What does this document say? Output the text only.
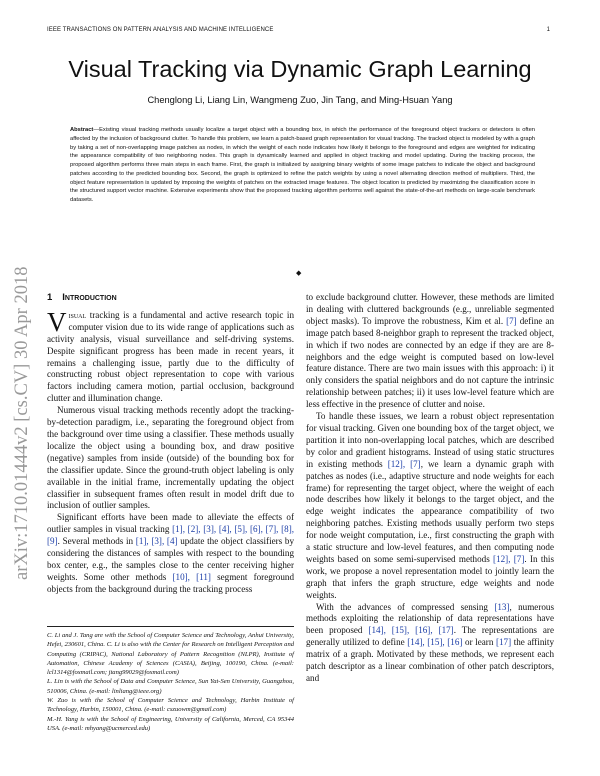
IEEE TRANSACTIONS ON PATTERN ANALYSIS AND MACHINE INTELLIGENCE	1
Visual Tracking via Dynamic Graph Learning
Chenglong Li, Liang Lin, Wangmeng Zuo, Jin Tang, and Ming-Hsuan Yang
Abstract—Existing visual tracking methods usually localize a target object with a bounding box, in which the performance of the foreground object trackers or detectors is often affected by the inclusion of background clutter. To handle this problem, we learn a patch-based graph representation for visual tracking. The tracked object is modeled by with a graph by taking a set of non-overlapping image patches as nodes, in which the weight of each node indicates how likely it belongs to the foreground and edges are weighted for indicating the appearance compatibility of two neighboring nodes. This graph is dynamically learned and applied in object tracking and model updating. During the tracking process, the proposed algorithm performs three main steps in each frame. First, the graph is initialized by assigning binary weights of some image patches to indicate the object and background patches according to the predicted bounding box. Second, the graph is optimized to refine the patch weights by using a novel alternating direction method of multipliers. Third, the object feature representation is updated by imposing the weights of patches on the extracted image features. The object location is predicted by maximizing the classification score in the structured support vector machine. Extensive experiments show that the proposed tracking algorithm performs well against the state-of-the-art methods on large-scale benchmark datasets.
◆
arXiv:1710.01444v2 [cs.CV] 30 Apr 2018 1 Introduction

Visual tracking is a fundamental and active research topic in computer vision due to its wide range of applications such as activity analysis, visual surveillance and self-driving systems. Despite significant progress has been made in recent years, it remains a challenging issue, partly due to the difficulty of constructing robust object representation to cope with various factors including camera motion, partial occlusion, background clutter and illumination change.

Numerous visual tracking methods recently adopt the tracking-by-detection paradigm, i.e., separating the foreground object from the background over time using a classifier. These methods usually localize the object using a bounding box, and draw positive (negative) samples from inside (outside) of the bounding box for the classifier update. Since the ground-truth object labeling is only available in the initial frame, incrementally updating the object classifier in subsequent frames often result in model drift due to inclusion of outlier samples.

Significant efforts have been made to alleviate the effects of outlier samples in visual tracking [1], [2], [3], [4], [5], [6], [7], [8], [9]. Several methods in [1], [3], [4] update the object classifiers by considering the distances of samples with respect to the bounding box center, e.g., the samples close to the center receiving higher weights. Some other methods [10], [11] segment foreground objects from the background during the tracking process

C. Li and J. Tang are with the School of Computer Science and Technology, Anhui University, Hefei, 230601, China. C. Li is also with the Center for Research on Intelligent Perception and Computing (CRIPAC), National Laboratory of Pattern Recognition (NLPR), Institute of Automation, Chinese Academy of Sciences (CASIA), Beijing, 100190, China. (e-mail: lcl1314@foxmail.com; jtang99029@foxmail.com)

L. Lin is with the School of Data and Computer Science, Sun Yat-Sen University, Guangzhou, 510006, China. (e-mail: linliang@ieee.org)

W. Zuo is with the School of Computer Science and Technology, Harbin Institute of Technology, Harbin, 150001, China. (e-mail: cszuowm@gmail.com)

M.-H. Yang is with the School of Engineering, University of California, Merced, CA 95344 USA. (e-mail: mhyang@ucmerced.edu)

to exclude background clutter. However, these methods are limited in dealing with cluttered backgrounds (e.g., unreliable segmented object masks). To improve the robustness, Kim et al. [7] define an image patch based 8-neighbor graph to represent the tracked object, in which if two nodes are connected by an edge if they are are 8-neighbors and the edge weight is computed based on low-level feature distance. There are two main issues with this approach: i) it only considers the spatial neighbors and do not capture the intrinsic relationship between patches; ii) it uses low-level feature which are less effective in the presence of clutter and noise.

To handle these issues, we learn a robust object representation for visual tracking. Given one bounding box of the target object, we partition it into non-overlapping local patches, which are described by color and gradient histograms. Instead of using static structures in existing methods [12], [7], we learn a dynamic graph with patches as nodes (i.e., adaptive structure and node weights for each frame) for representing the target object, where the weight of each node describes how likely it belongs to the target object, and the edge weight indicates the appearance compatibility of two neighboring patches. Existing methods usually perform two steps for node weight computation, i.e., first constructing the graph with a static structure and low-level features, and then computing node weights based on some semi-supervised methods [12], [7]. In this work, we propose a novel representation model to jointly learn the graph that infers the graph structure, edge weights and node weights.

With the advances of compressed sensing [13], numerous methods exploiting the relationship of data representations have been proposed [14], [15], [16], [17]. The representations are generally utilized to define [14], [15], [16] or learn [17] the affinity matrix of a graph. Motivated by these methods, we represent each patch descriptor as a linear combination of other patch descriptors, and
